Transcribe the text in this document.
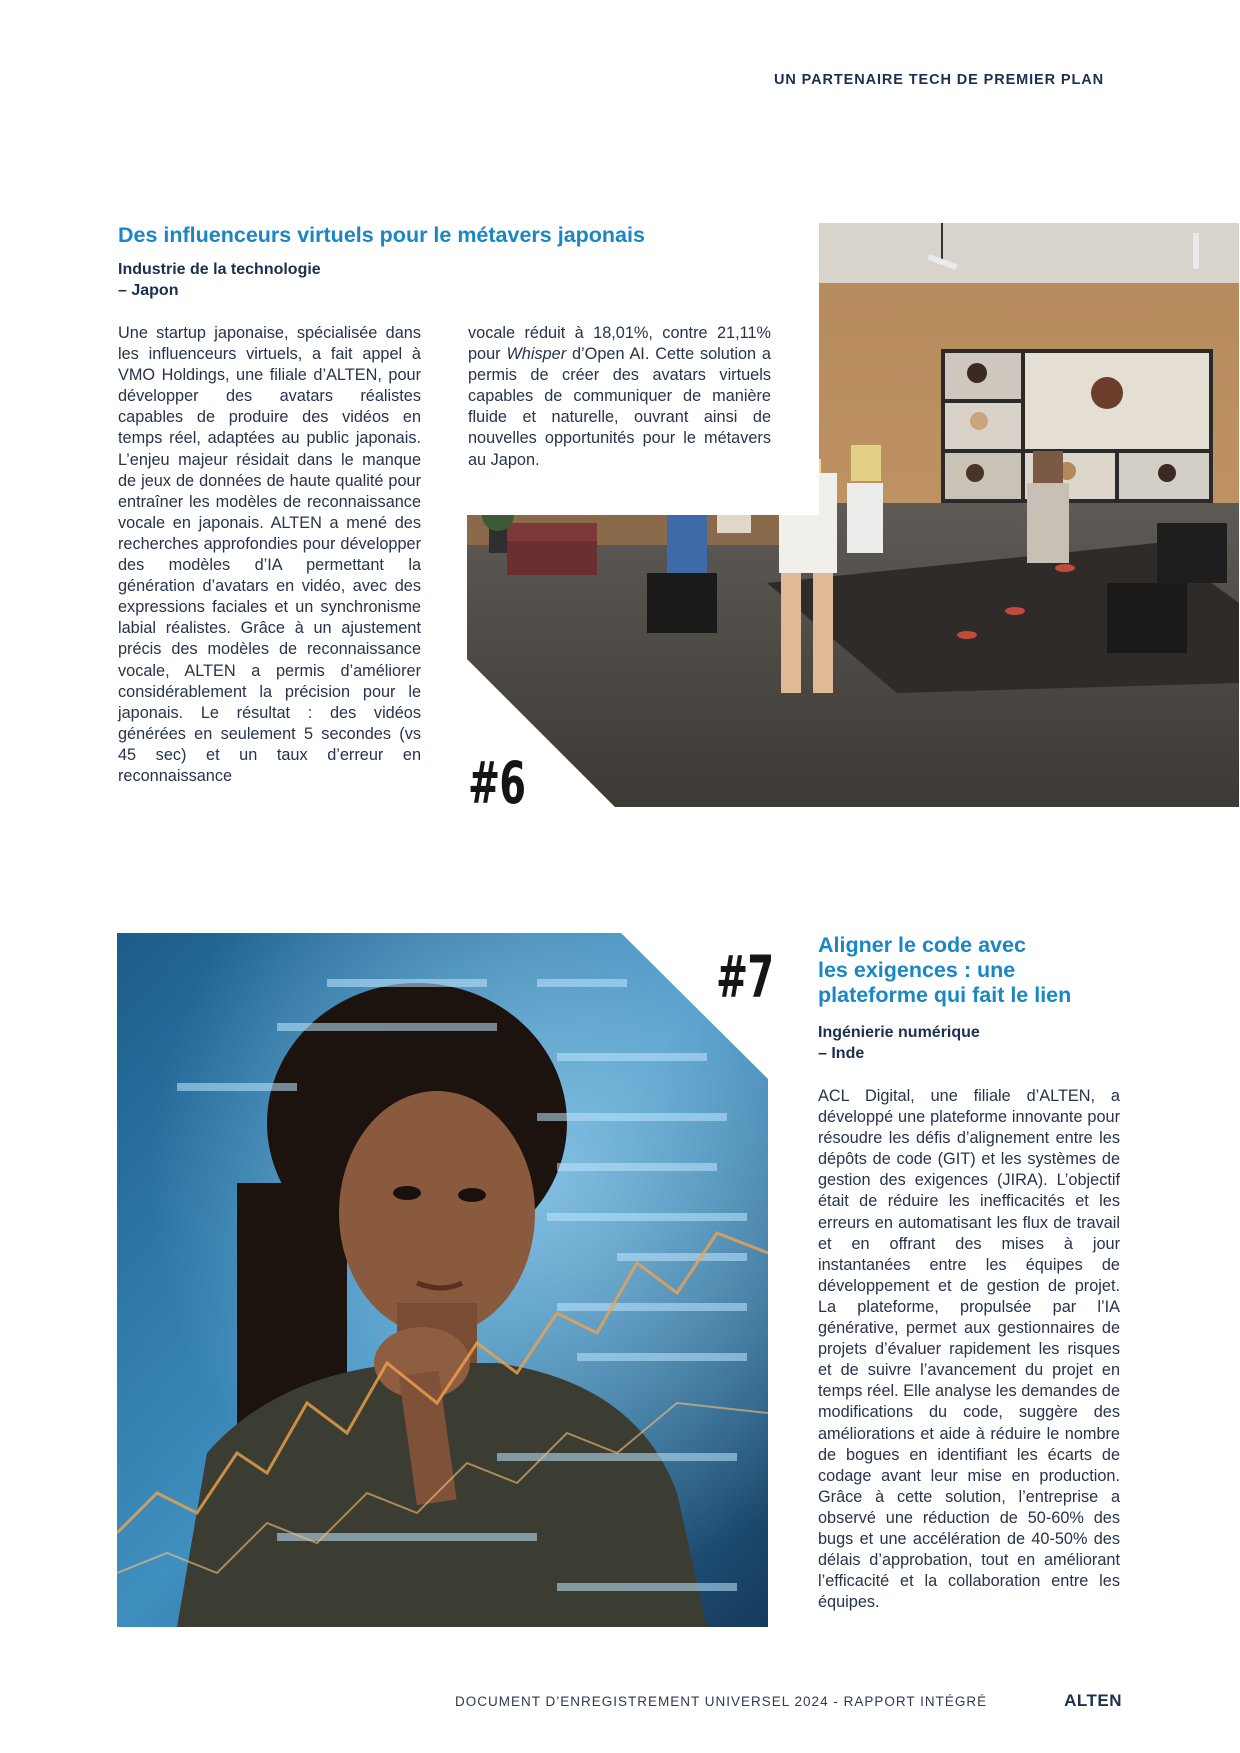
UN PARTENAIRE TECH DE PREMIER PLAN
Des influenceurs virtuels pour le métavers japonais

Industrie de la technologie

– Japon

Une startup japonaise, spécialisée dans les influenceurs virtuels, a fait appel à VMO Holdings, une filiale d’ALTEN, pour développer des avatars réalistes capables de produire des vidéos en temps réel, adaptées au public japonais. L’enjeu majeur résidait dans le manque de jeux de données de haute qualité pour entraîner les modèles de reconnaissance vocale en japonais. ALTEN a mené des recherches approfondies pour développer des modèles d’IA permettant la génération d’avatars en vidéo, avec des expressions faciales et un synchronisme labial réalistes. Grâce à un ajustement précis des modèles de reconnaissance vocale, ALTEN a permis d’améliorer considérablement la précision pour le japonais. Le résultat : des vidéos générées en seulement 5 secondes (vs 45 sec) et un taux d’erreur en reconnaissance

vocale réduit à 18,01%, contre 21,11% pour Whisper d’Open AI. Cette solution a permis de créer des avatars virtuels capables de communiquer de manière fluide et naturelle, ouvrant ainsi de nouvelles opportunités pour le métavers au Japon.

#6
#7 Aligner le code avec
les exigences : une
plateforme qui fait le lien

Ingénierie numérique

– Inde

ACL Digital, une filiale d’ALTEN, a développé une plateforme innovante pour résoudre les défis d’alignement entre les dépôts de code (GIT) et les systèmes de gestion des exigences (JIRA). L’objectif était de réduire les inefficacités et les erreurs en automatisant les flux de travail et en offrant des mises à jour instantanées entre les équipes de développement et de gestion de projet. La plateforme, propulsée par l’IA générative, permet aux gestionnaires de projets d’évaluer rapidement les risques et de suivre l’avancement du projet en temps réel. Elle analyse les demandes de modifications du code, suggère des améliorations et aide à réduire le nombre de bogues en identifiant les écarts de codage avant leur mise en production. Grâce à cette solution, l’entreprise a observé une réduction de 50-60% des bugs et une accélération de 40-50% des délais d’approbation, tout en améliorant l’efficacité et la collaboration entre les équipes.

DOCUMENT D’ENREGISTREMENT UNIVERSEL 2024 - RAPPORT INTÉGRÉ	ALTEN
